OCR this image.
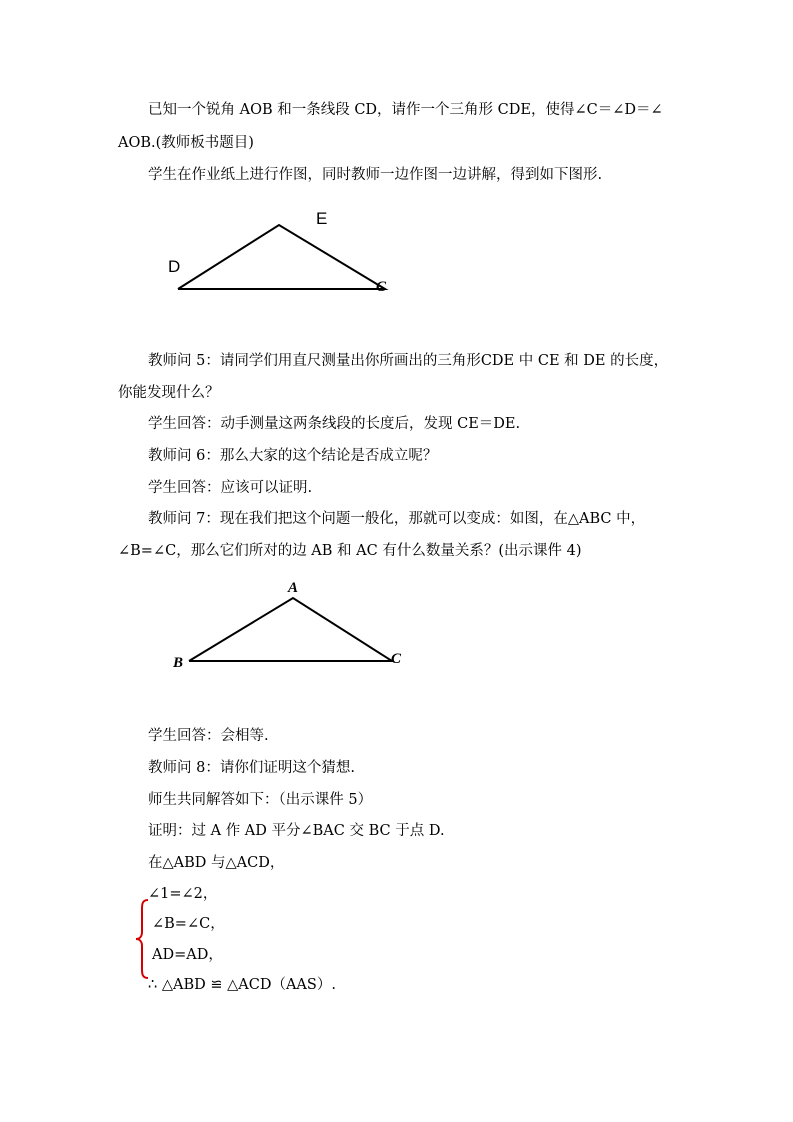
已知一个锐角 AOB 和一条线段 CD，请作一个三角形 CDE，使得∠C＝∠D＝∠
AOB.(教师板书题目)
学生在作业纸上进行作图，同时教师一边作图一边讲解，得到如下图形.
E
D
C
教师问 5：请同学们用直尺测量出你所画出的三角形CDE 中 CE 和 DE 的长度，
你能发现什么？
学生回答：动手测量这两条线段的长度后，发现 CE＝DE.
教师问 6：那么大家的这个结论是否成立呢？
学生回答：应该可以证明.
教师问 7：现在我们把这个问题一般化，那就可以变成：如图，在△ABC 中，
∠B=∠C，那么它们所对的边 AB 和 AC 有什么数量关系？(出示课件 4)
A
B	C
学生回答：会相等.
教师问 8：请你们证明这个猜想.
师生共同解答如下：（出示课件 5）
证明：过 A 作 AD 平分∠BAC 交 BC 于点 D.
在△ABD 与△ACD，
∠1=∠2，
∠B=∠C，
AD=AD，
∴ △ABD ≌ △ACD（AAS）.
